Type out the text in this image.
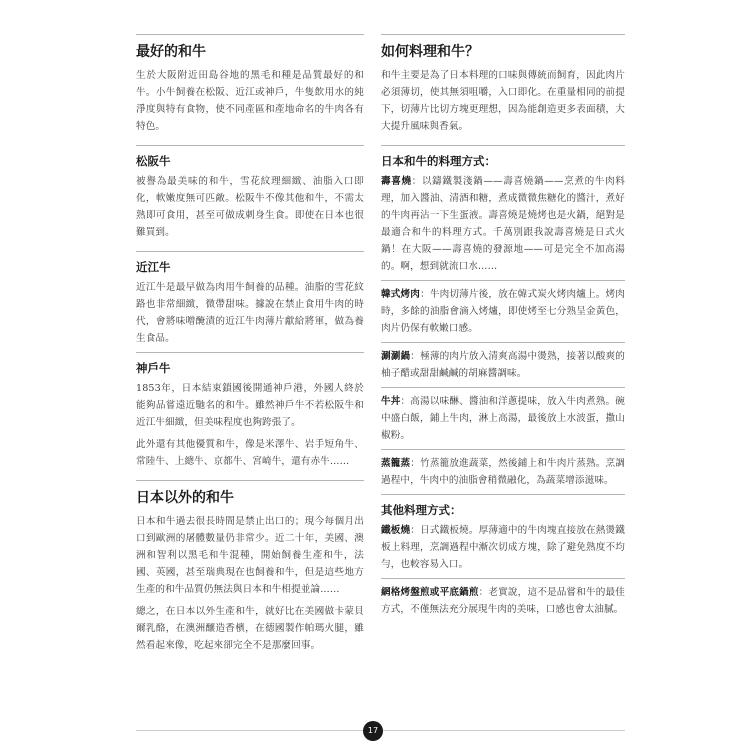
最好的和牛

生於大阪附近田島谷地的黑毛和種是品質最好的和牛。小牛飼養在松阪、近江或神戶，牛隻飲用水的純淨度與特有食物，使不同產區和產地命名的牛肉各有特色。

松阪牛

被譽為最美味的和牛，雪花紋理細緻、油脂入口即化，軟嫩度無可匹敵。松阪牛不像其他和牛，不需太熟即可食用，甚至可做成刺身生食。即使在日本也很難買到。

近江牛

近江牛是最早做為肉用牛飼養的品種。油脂的雪花紋路也非常細緻，微帶甜味。據說在禁止食用牛肉的時代，會將味噌醃漬的近江牛肉薄片獻給將軍，做為養生食品。

神戶牛

1853年，日本結束鎖國後開通神戶港，外國人終於能夠品嘗遠近馳名的和牛。雖然神戶牛不若松阪牛和近江牛細緻，但美味程度也夠跨張了。

此外還有其他優質和牛，像是米澤牛、岩手短角牛、常陸牛、上總牛、京都牛、宮崎牛，還有赤牛……

日本以外的和牛

日本和牛過去很長時間是禁止出口的；現今每個月出口到歐洲的屠體數量仍非常少。近二十年，美國、澳洲和智利以黑毛和牛混種，開始飼養生產和牛，法國、英國，甚至瑞典現在也飼養和牛，但是這些地方生產的和牛品質仍無法與日本和牛相提並論……

總之，在日本以外生產和牛，就好比在美國做卡蒙貝爾乳酪，在澳洲釀造香檳，在德國製作帕瑪火腿，雖然看起來像，吃起來卻完全不是那麼回事。

如何料理和牛？

和牛主要是為了日本料理的口味與傳統而飼育，因此肉片必須薄切，使其無須咀嚼，入口即化。在重量相同的前提下，切薄片比切方塊更理想，因為能創造更多表面積，大大提升風味與香氣。

日本和牛的料理方式：

壽喜燒：以鑄鐵製淺鍋——壽喜燒鍋——烹煮的牛肉料理，加入醬油、清酒和糖，煮成微微焦糖化的醬汁，煮好的牛肉再沾一下生蛋液。壽喜燒是燒烤也是火鍋，絕對是最適合和牛的料理方式。千萬別跟我說壽喜燒是日式火鍋！在大阪——壽喜燒的發源地——可是完全不加高湯的。啊，想到就流口水……

韓式烤肉：牛肉切薄片後，放在韓式炭火烤肉爐上。烤肉時，多餘的油脂會滴入烤爐，即使烤至七分熟呈金黃色，肉片仍保有軟嫩口感。

涮涮鍋：極薄的肉片放入清爽高湯中燙熟，接著以酸爽的柚子醋或甜甜鹹鹹的胡麻醬調味。

牛丼：高湯以味醂、醬油和洋蔥提味，放入牛肉煮熟。碗中盛白飯，鋪上牛肉，淋上高湯，最後放上水波蛋，撒山椒粉。

蒸籠蒸：竹蒸籠放進蔬菜，然後鋪上和牛肉片蒸熟。烹調過程中，牛肉中的油脂會稍微融化，為蔬菜增添滋味。

其他料理方式：

鐵板燒：日式鐵板燒。厚薄適中的牛肉塊直接放在熱燙鐵板上料理，烹調過程中漸次切成方塊，除了避免熟度不均勻，也較容易入口。

網格烤盤煎或平底鍋煎：老實說，這不是品嘗和牛的最佳方式，不僅無法充分展現牛肉的美味，口感也會太油膩。

17
